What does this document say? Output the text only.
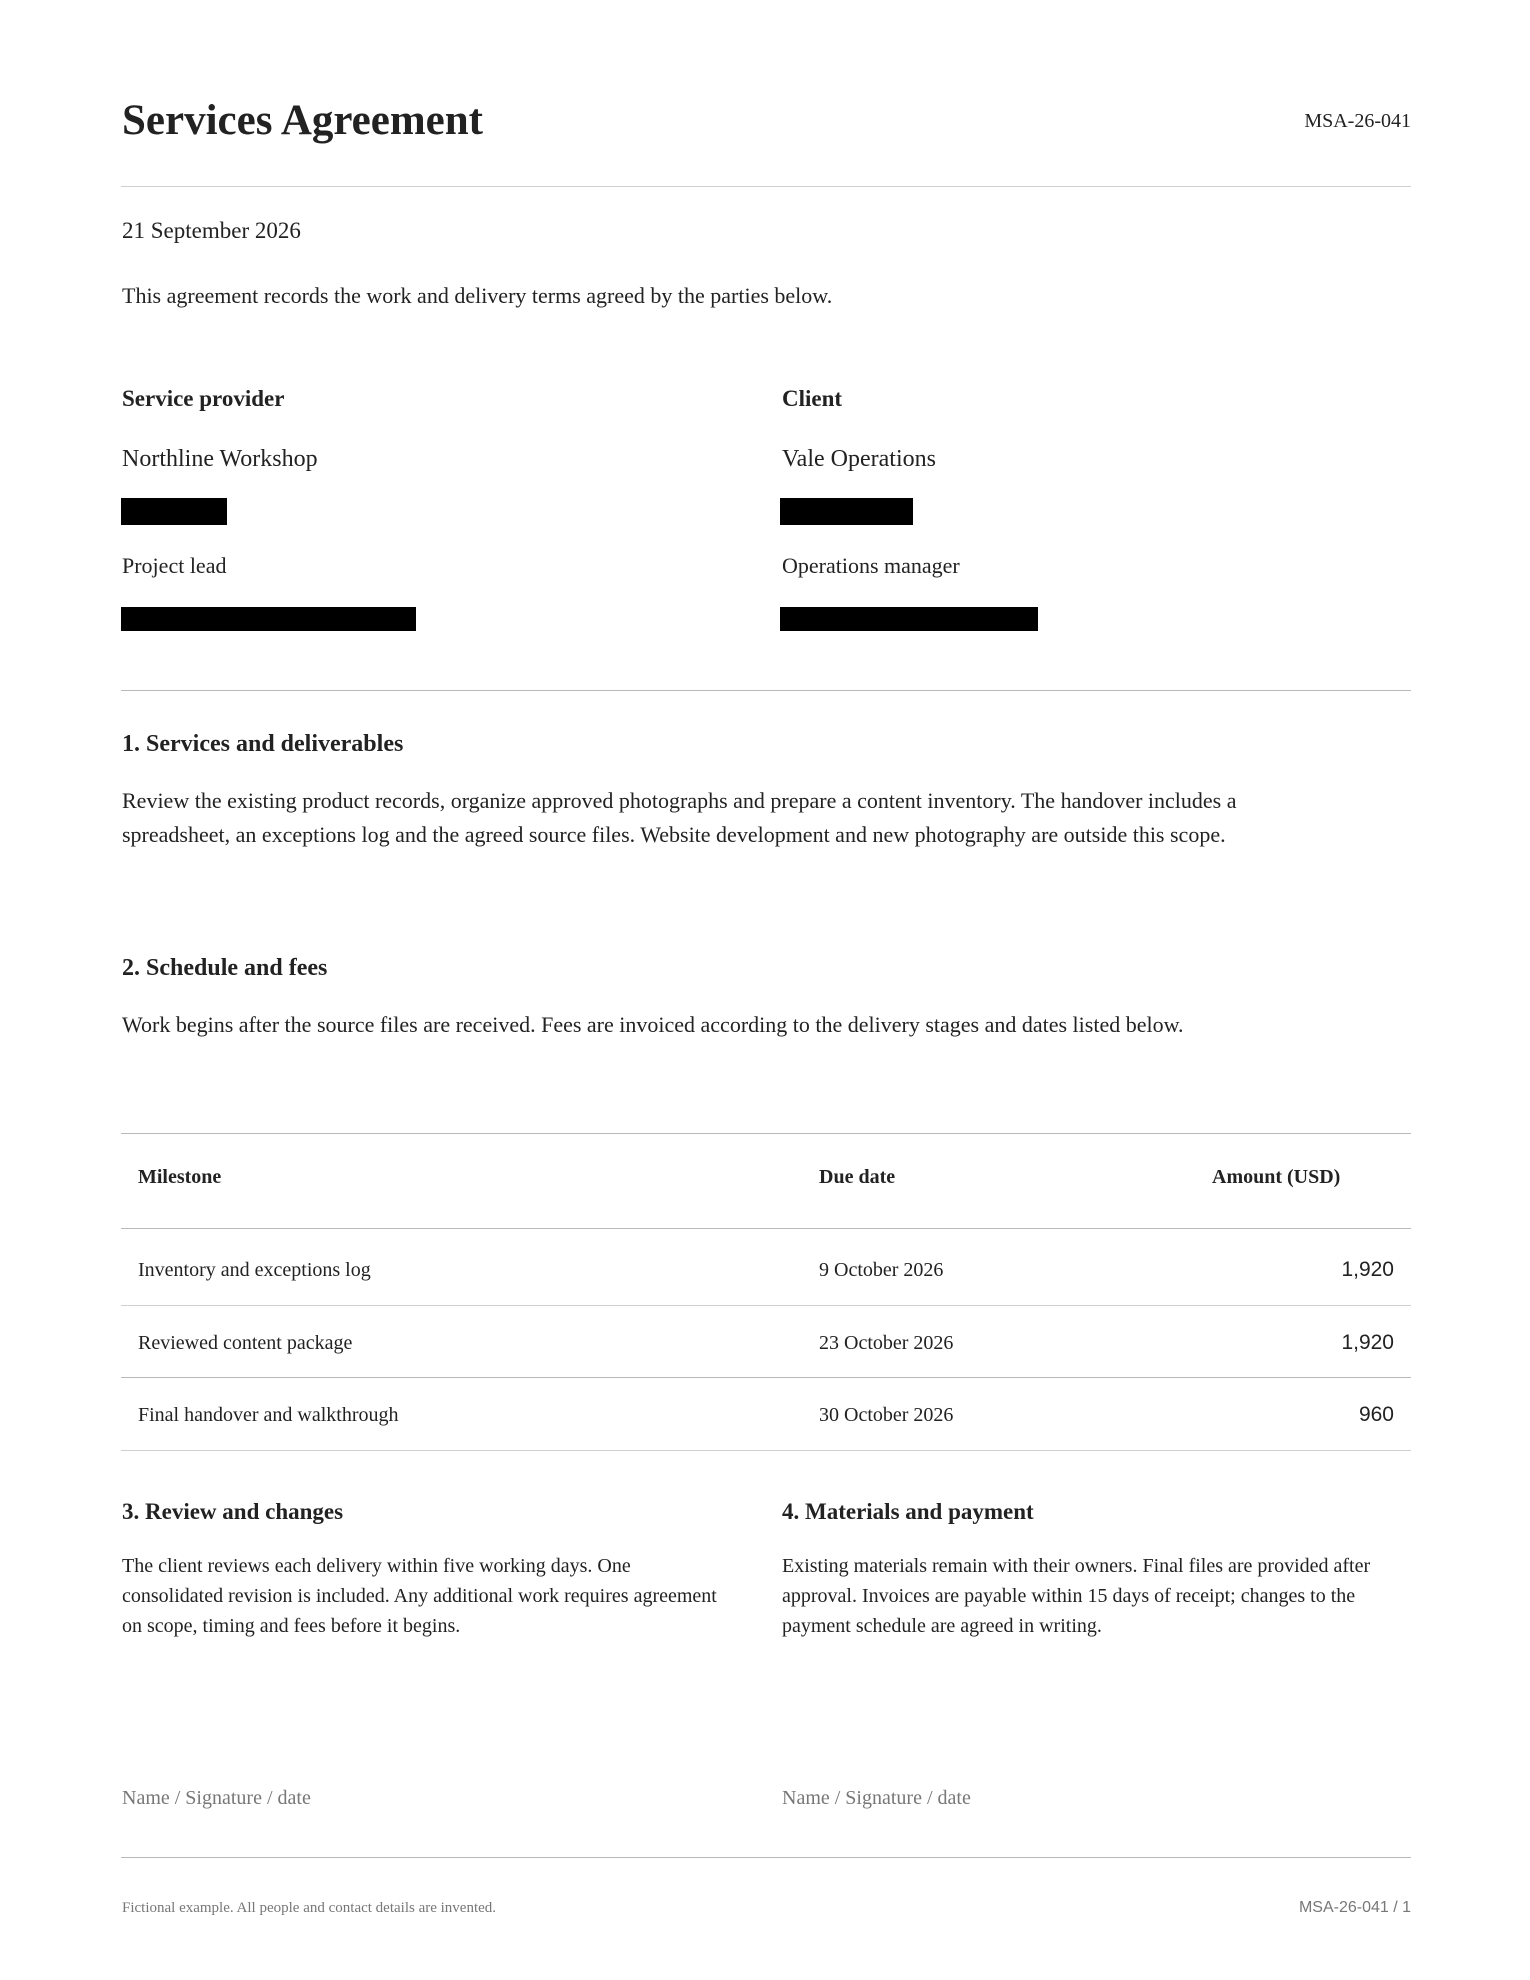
Services Agreement	MSA-26-041
21 September 2026
This agreement records the work and delivery terms agreed by the parties below.
Service provider
Northline Workshop
Project lead
Client
Vale Operations
Operations manager
1. Services and deliverables
Review the existing product records, organize approved photographs and prepare a content inventory. The handover includes a
spreadsheet, an exceptions log and the agreed source files. Website development and new photography are outside this scope.
2. Schedule and fees
Work begins after the source files are received. Fees are invoiced according to the delivery stages and dates listed below.
Milestone	Due date	Amount (USD)
Inventory and exceptions log	9 October 2026	1,920
Reviewed content package	23 October 2026	1,920
Final handover and walkthrough	30 October 2026	960
3. Review and changes
The client reviews each delivery within five working days. One consolidated revision is included. Any additional work requires agreement on scope, timing and fees before it begins.
4. Materials and payment
Existing materials remain with their owners. Final files are provided after approval. Invoices are payable within 15 days of receipt; changes to the payment schedule are agreed in writing.
Name / Signature / date	Name / Signature / date
Fictional example. All people and contact details are invented.	MSA-26-041 / 1
